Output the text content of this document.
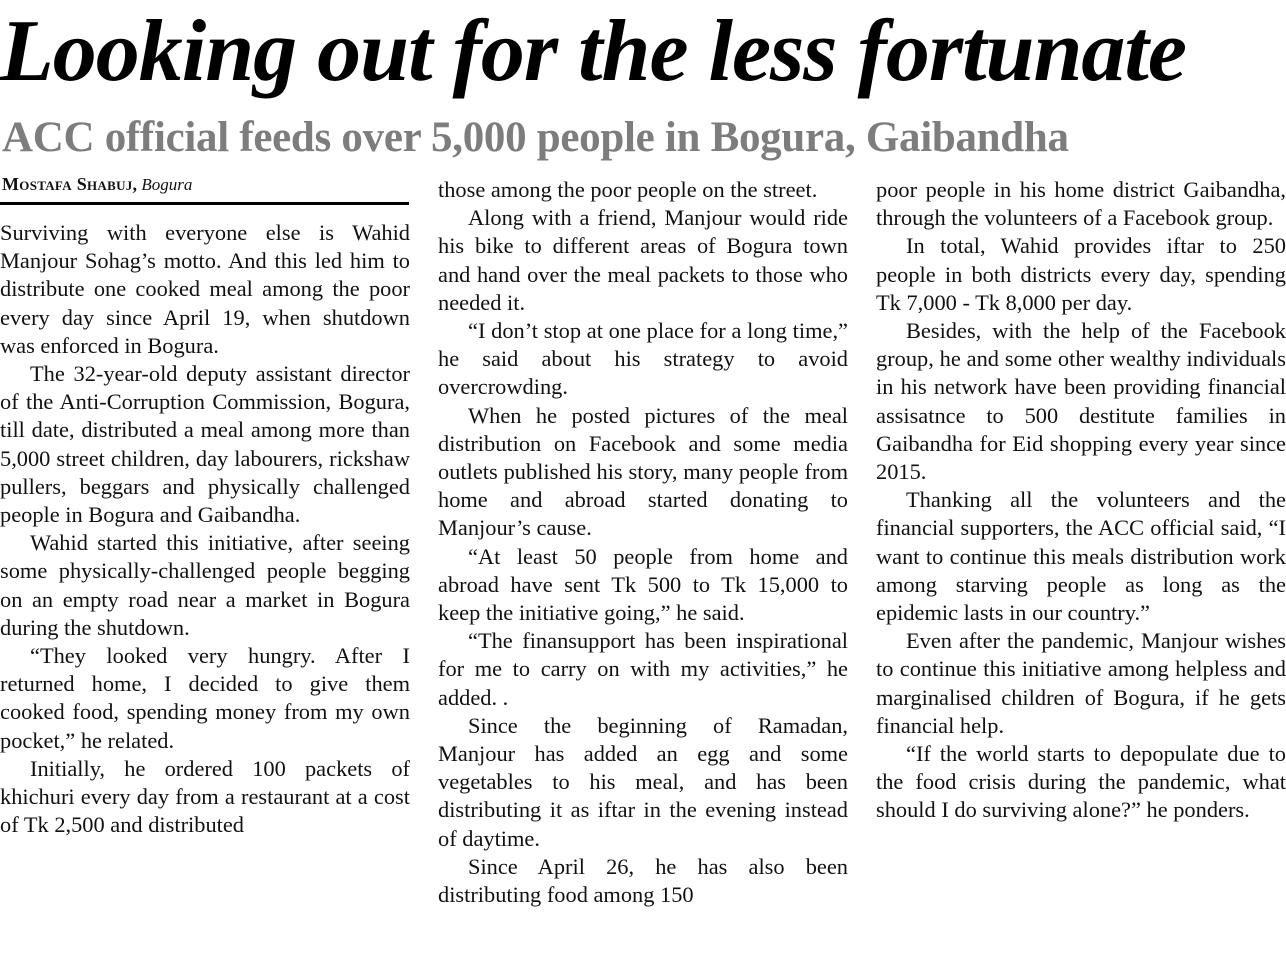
Looking out for the less fortunate
ACC official feeds over 5,000 people in Bogura, Gaibandha
Mostafa Shabuj, Bogura

Surviving with everyone else is Wahid Manjour Sohag’s motto. And this led him to distribute one cooked meal among the poor every day since April 19, when shutdown was enforced in Bogura.

The 32-year-old deputy assistant director of the Anti-Corruption Commission, Bogura, till date, distributed a meal among more than 5,000 street children, day labourers, rickshaw pullers, beggars and physically challenged people in Bogura and Gaibandha.

Wahid started this initiative, after seeing some physically-challenged people begging on an empty road near a market in Bogura during the shutdown.

“They looked very hungry. After I returned home, I decided to give them cooked food, spending money from my own pocket,” he related.

Initially, he ordered 100 packets of khichuri every day from a restaurant at a cost of Tk 2,500 and distributed

those among the poor people on the street.

Along with a friend, Manjour would ride his bike to different areas of Bogura town and hand over the meal packets to those who needed it.

“I don’t stop at one place for a long time,” he said about his strategy to avoid overcrowding.

When he posted pictures of the meal distribution on Facebook and some media outlets published his story, many people from home and abroad started donating to Manjour’s cause.

“At least 50 people from home and abroad have sent Tk 500 to Tk 15,000 to keep the initiative going,” he said.

“The finansupport has been inspirational for me to carry on with my activities,” he added. .

Since the beginning of Ramadan, Manjour has added an egg and some vegetables to his meal, and has been distributing it as iftar in the evening instead of daytime.

Since April 26, he has also been distributing food among 150

poor people in his home district Gaibandha, through the volunteers of a Facebook group.

In total, Wahid provides iftar to 250 people in both districts every day, spending Tk 7,000 - Tk 8,000 per day.

Besides, with the help of the Facebook group, he and some other wealthy individuals in his network have been providing financial assisatnce to 500 destitute families in Gaibandha for Eid shopping every year since 2015.

Thanking all the volunteers and the financial supporters, the ACC official said, “I want to continue this meals distribution work among starving people as long as the epidemic lasts in our country.”

Even after the pandemic, Manjour wishes to continue this initiative among helpless and marginalised children of Bogura, if he gets financial help.

“If the world starts to depopulate due to the food crisis during the pandemic, what should I do surviving alone?” he ponders.
